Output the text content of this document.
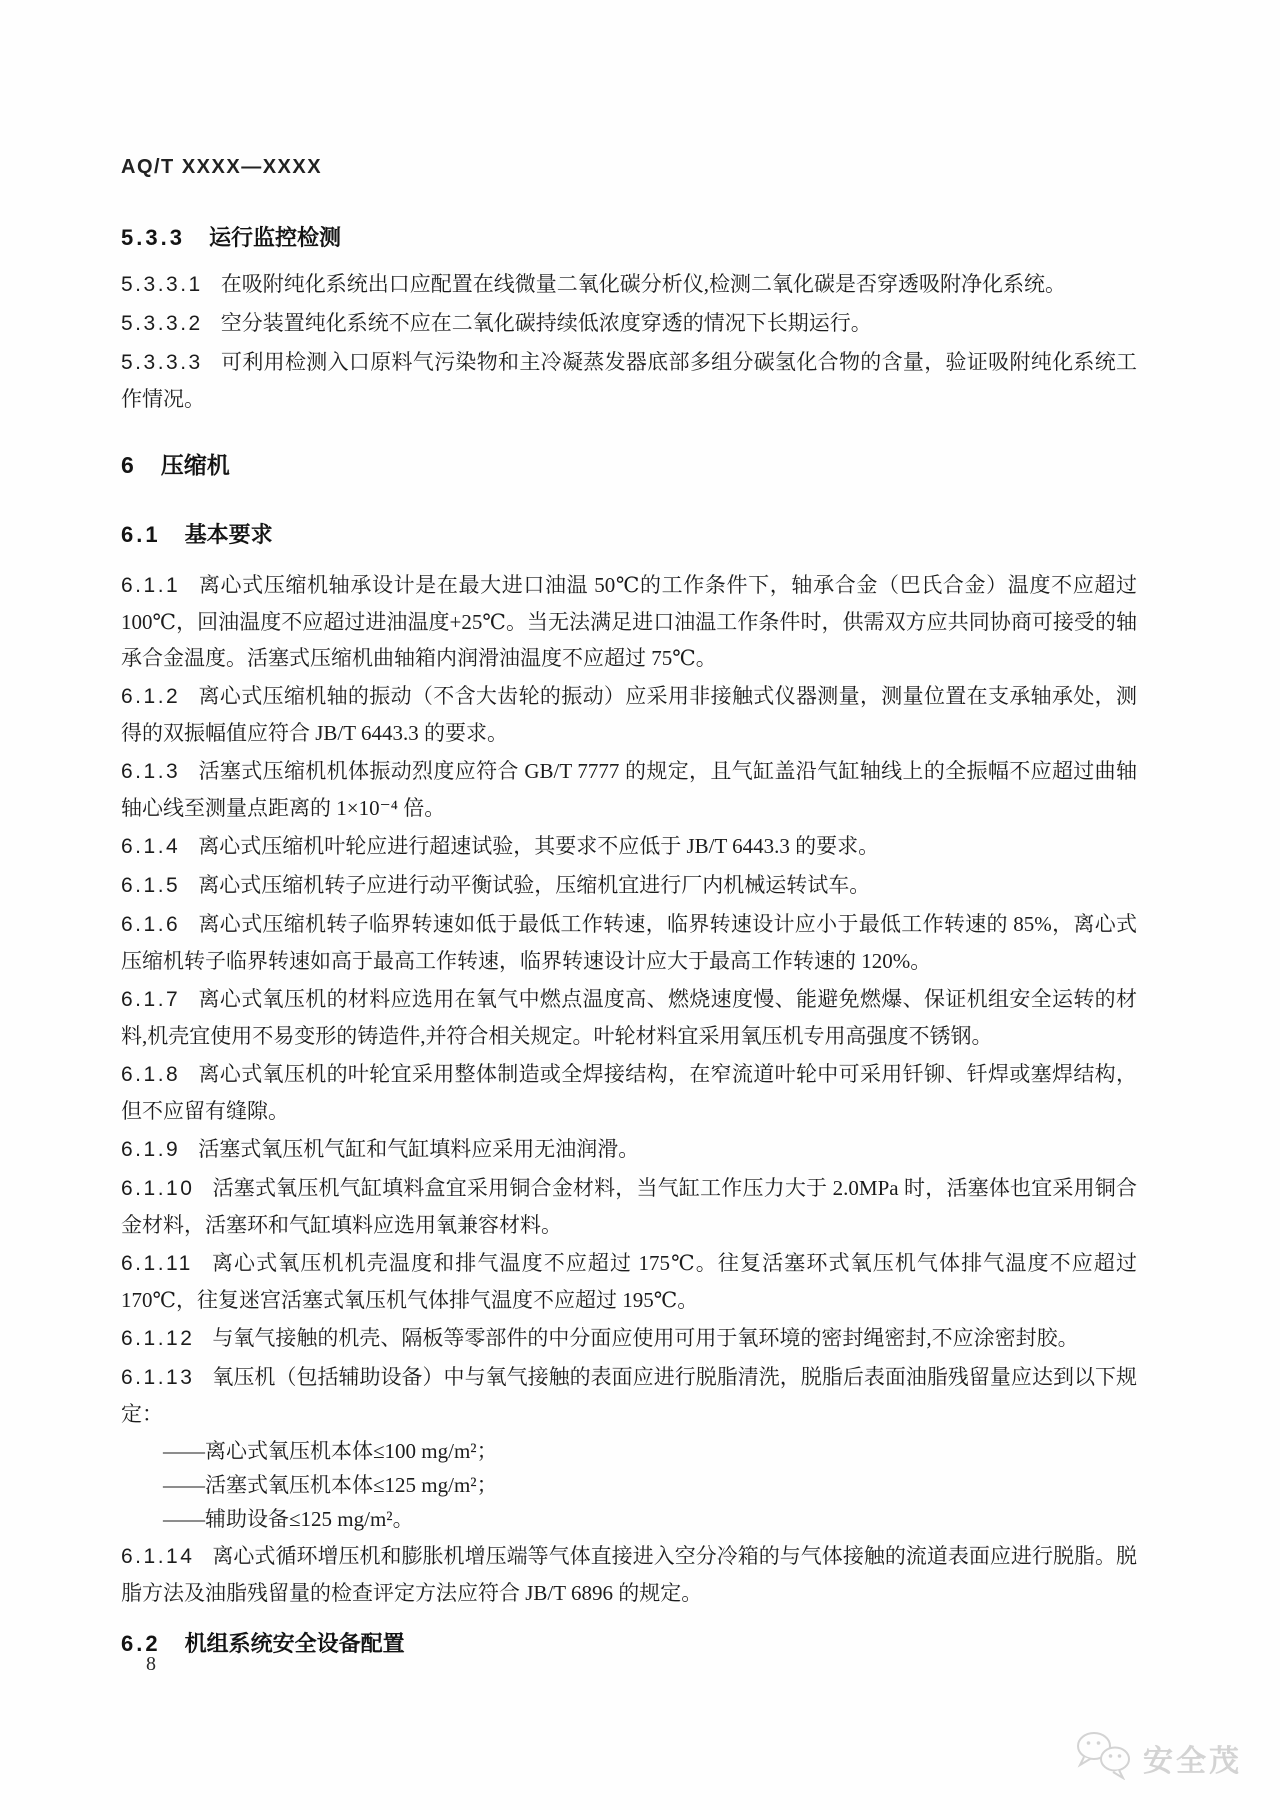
AQ/T XXXX—XXXX
5.3.3 运行监控检测

5.3.3.1 在吸附纯化系统出口应配置在线微量二氧化碳分析仪,检测二氧化碳是否穿透吸附净化系统。

5.3.3.2 空分装置纯化系统不应在二氧化碳持续低浓度穿透的情况下长期运行。

5.3.3.3 可利用检测入口原料气污染物和主冷凝蒸发器底部多组分碳氢化合物的含量，验证吸附纯化系统工作情况。

6 压缩机
6.1 基本要求

6.1.1 离心式压缩机轴承设计是在最大进口油温 50℃的工作条件下，轴承合金（巴氏合金）温度不应超过 100℃，回油温度不应超过进油温度+25℃。当无法满足进口油温工作条件时，供需双方应共同协商可接受的轴承合金温度。活塞式压缩机曲轴箱内润滑油温度不应超过 75℃。

6.1.2 离心式压缩机轴的振动（不含大齿轮的振动）应采用非接触式仪器测量，测量位置在支承轴承处，测得的双振幅值应符合 JB/T 6443.3 的要求。

6.1.3 活塞式压缩机机体振动烈度应符合 GB/T 7777 的规定，且气缸盖沿气缸轴线上的全振幅不应超过曲轴轴心线至测量点距离的 1×10⁻⁴ 倍。

6.1.4 离心式压缩机叶轮应进行超速试验，其要求不应低于 JB/T 6443.3 的要求。

6.1.5 离心式压缩机转子应进行动平衡试验，压缩机宜进行厂内机械运转试车。

6.1.6 离心式压缩机转子临界转速如低于最低工作转速，临界转速设计应小于最低工作转速的 85%，离心式压缩机转子临界转速如高于最高工作转速，临界转速设计应大于最高工作转速的 120%。

6.1.7 离心式氧压机的材料应选用在氧气中燃点温度高、燃烧速度慢、能避免燃爆、保证机组安全运转的材料,机壳宜使用不易变形的铸造件,并符合相关规定。叶轮材料宜采用氧压机专用高强度不锈钢。

6.1.8 离心式氧压机的叶轮宜采用整体制造或全焊接结构，在窄流道叶轮中可采用钎铆、钎焊或塞焊结构，但不应留有缝隙。

6.1.9 活塞式氧压机气缸和气缸填料应采用无油润滑。

6.1.10 活塞式氧压机气缸填料盒宜采用铜合金材料，当气缸工作压力大于 2.0MPa 时，活塞体也宜采用铜合金材料，活塞环和气缸填料应选用氧兼容材料。

6.1.11 离心式氧压机机壳温度和排气温度不应超过 175℃。往复活塞环式氧压机气体排气温度不应超过 170℃，往复迷宫活塞式氧压机气体排气温度不应超过 195℃。

6.1.12 与氧气接触的机壳、隔板等零部件的中分面应使用可用于氧环境的密封绳密封,不应涂密封胶。

6.1.13 氧压机（包括辅助设备）中与氧气接触的表面应进行脱脂清洗，脱脂后表面油脂残留量应达到以下规定：

——离心式氧压机本体≤100 mg/m²；

——活塞式氧压机本体≤125 mg/m²；

——辅助设备≤125 mg/m²。

6.1.14 离心式循环增压机和膨胀机增压端等气体直接进入空分冷箱的与气体接触的流道表面应进行脱脂。脱脂方法及油脂残留量的检查评定方法应符合 JB/T 6896 的规定。

6.2 机组系统安全设备配置
8
安全茂
